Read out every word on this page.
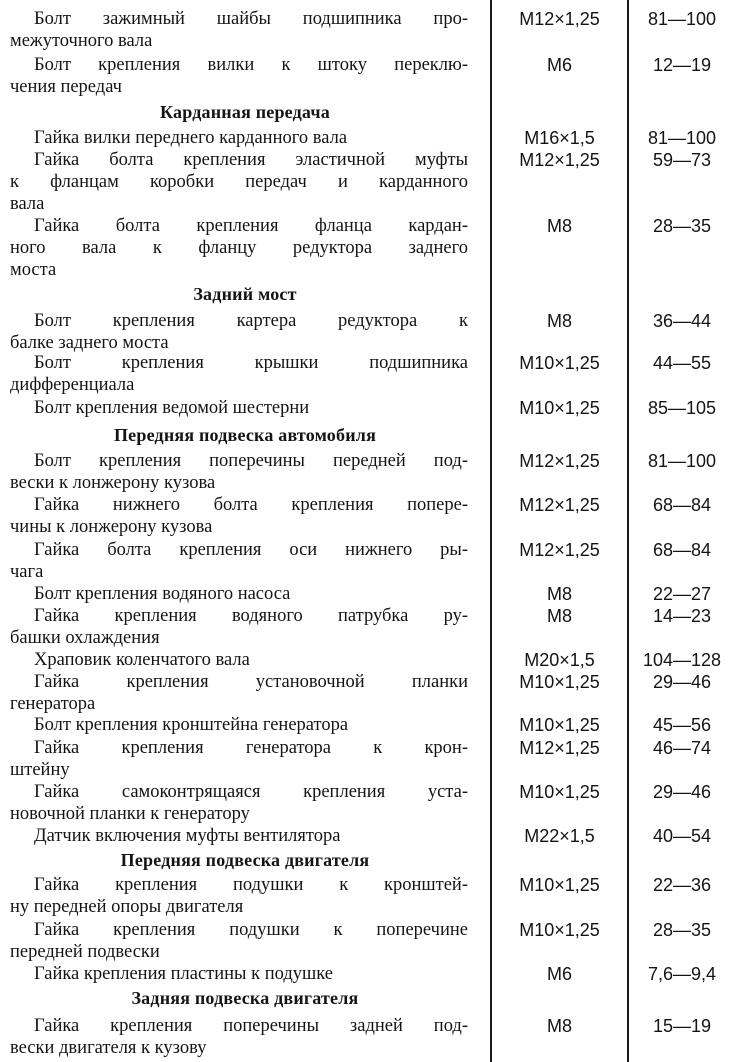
Болт зажимный шайбы подшипника про-
межуточного вала
M12×1,25	81—100
Болт крепления вилки к штоку переклю-
чения передач
M6	12—19
Карданная передача
Гайка вилки переднего карданного вала	M16×1,5	81—100
Гайка болта крепления эластичной муфты
к фланцам коробки передач и карданного
вала
M12×1,25	59—73
Гайка болта крепления фланца кардан-
ного вала к фланцу редуктора заднего
моста
M8	28—35
Задний мост
Болт крепления картера редуктора к
балке заднего моста
M8	36—44
Болт крепления крышки подшипника
дифференциала
M10×1,25	44—55
Болт крепления ведомой шестерни	M10×1,25	85—105
Передняя подвеска автомобиля
Болт крепления поперечины передней под-
вески к лонжерону кузова
M12×1,25	81—100
Гайка нижнего болта крепления попере-
чины к лонжерону кузова
M12×1,25	68—84
Гайка болта крепления оси нижнего ры-
чага
M12×1,25	68—84
Болт крепления водяного насоса	M8	22—27
Гайка крепления водяного патрубка ру-
башки охлаждения
M8	14—23
Храповик коленчатого вала	M20×1,5	104—128
Гайка крепления установочной планки
генератора
M10×1,25	29—46
Болт крепления кронштейна генератора	M10×1,25	45—56
Гайка крепления генератора к крон-
штейну
M12×1,25	46—74
Гайка самоконтрящаяся крепления уста-
новочной планки к генератору
M10×1,25	29—46
Датчик включения муфты вентилятора	M22×1,5	40—54
Передняя подвеска двигателя
Гайка крепления подушки к кронштей-
ну передней опоры двигателя
M10×1,25	22—36
Гайка крепления подушки к поперечине
передней подвески
M10×1,25	28—35
Гайка крепления пластины к подушке	M6	7,6—9,4
Задняя подвеска двигателя
Гайка крепления поперечины задней под-
вески двигателя к кузову
M8	15—19
